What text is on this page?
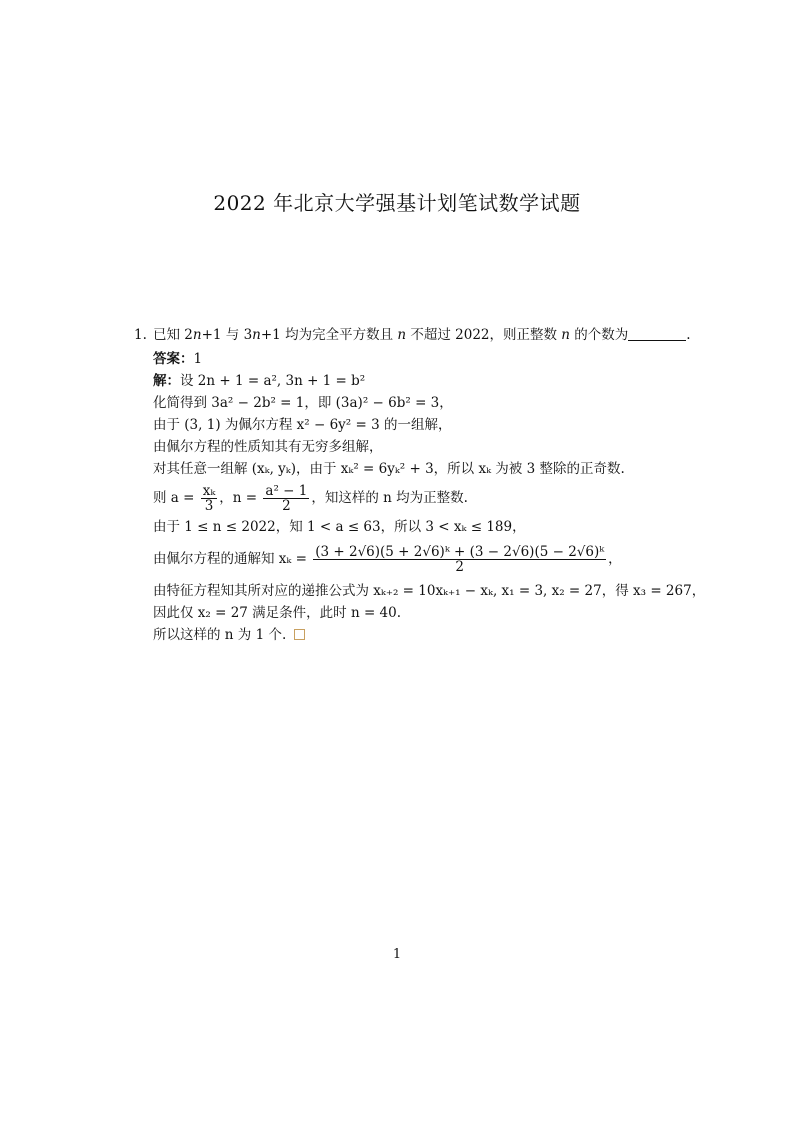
2022 年北京大学强基计划笔试数学试题
1. 已知 2n+1 与 3n+1 均为完全平方数且 n 不超过 2022，则正整数 n 的个数为	.
答案：1
解：设 2n + 1 = a², 3n + 1 = b²
化简得到 3a² − 2b² = 1，即 (3a)² − 6b² = 3，
由于 (3, 1) 为佩尔方程 x² − 6y² = 3 的一组解，
由佩尔方程的性质知其有无穷多组解，
对其任意一组解 (xₖ, yₖ)，由于 xₖ² = 6yₖ² + 3，所以 xₖ 为被 3 整除的正奇数.
则 $a = \frac{\text{xₖ}}{3}$ ，$n = \frac{\text{a² − 1}}{2}$ ，知这样的 n 均为正整数.
由于 1 ≤ n ≤ 2022，知 1 < a ≤ 63，所以 3 < xₖ ≤ 189，
由佩尔方程的通解知 $x_k = \frac{\text{(3 + 2√6)(5 + 2√6)ᵏ + (3 − 2√6)(5 − 2√6)ᵏ}}{2}$ ，
由特征方程知其所对应的递推公式为 xₖ₊₂ = 10xₖ₊₁ − xₖ, x₁ = 3, x₂ = 27，得 x₃ = 267，
因此仅 x₂ = 27 满足条件，此时 n = 40.
所以这样的 n 为 1 个.
1
